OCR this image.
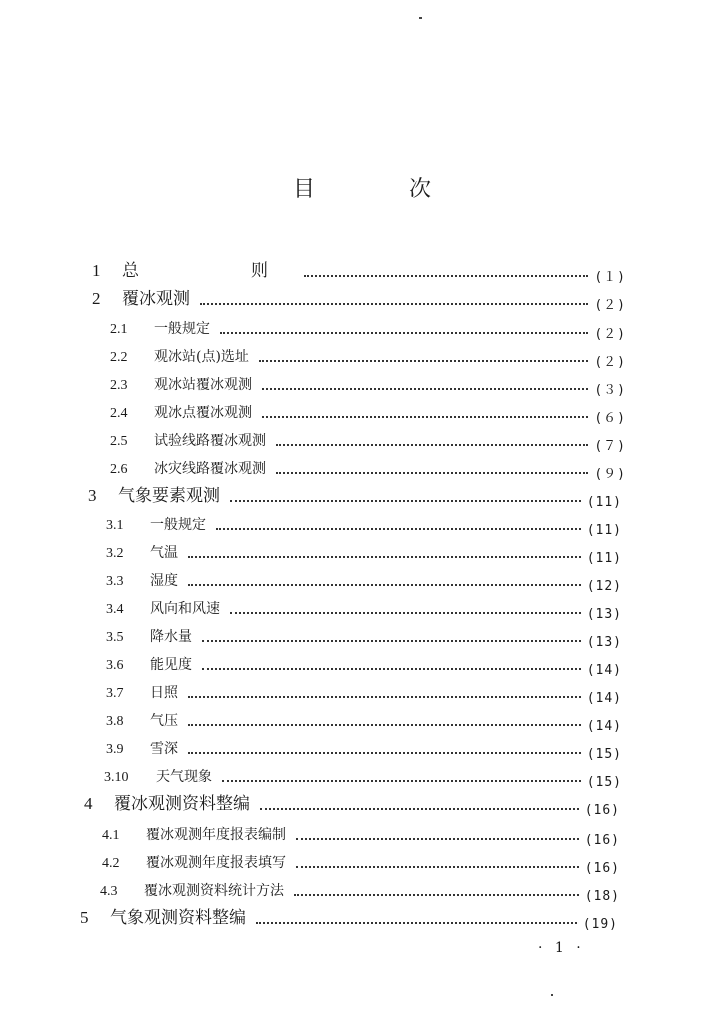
目　次
1	总　　则	(１)
2	覆冰观测	(２)
2.1	一般规定	(２)
2.2	观冰站(点)选址	(２)
2.3	观冰站覆冰观测	(３)
2.4	观冰点覆冰观测	(６)
2.5	试验线路覆冰观测	(７)
2.6	冰灾线路覆冰观测	(９)
3	气象要素观测	(11)
3.1	一般规定	(11)
3.2	气温	(11)
3.3	湿度	(12)
3.4	风向和风速	(13)
3.5	降水量	(13)
3.6	能见度	(14)
3.7	日照	(14)
3.8	气压	(14)
3.9	雪深	(15)
3.10	天气现象	(15)
4	覆冰观测资料整编	(16)
4.1	覆冰观测年度报表编制	(16)
4.2	覆冰观测年度报表填写	(16)
4.3	覆冰观测资料统计方法	(18)
5	气象观测资料整编	(19)
· 1 ·
